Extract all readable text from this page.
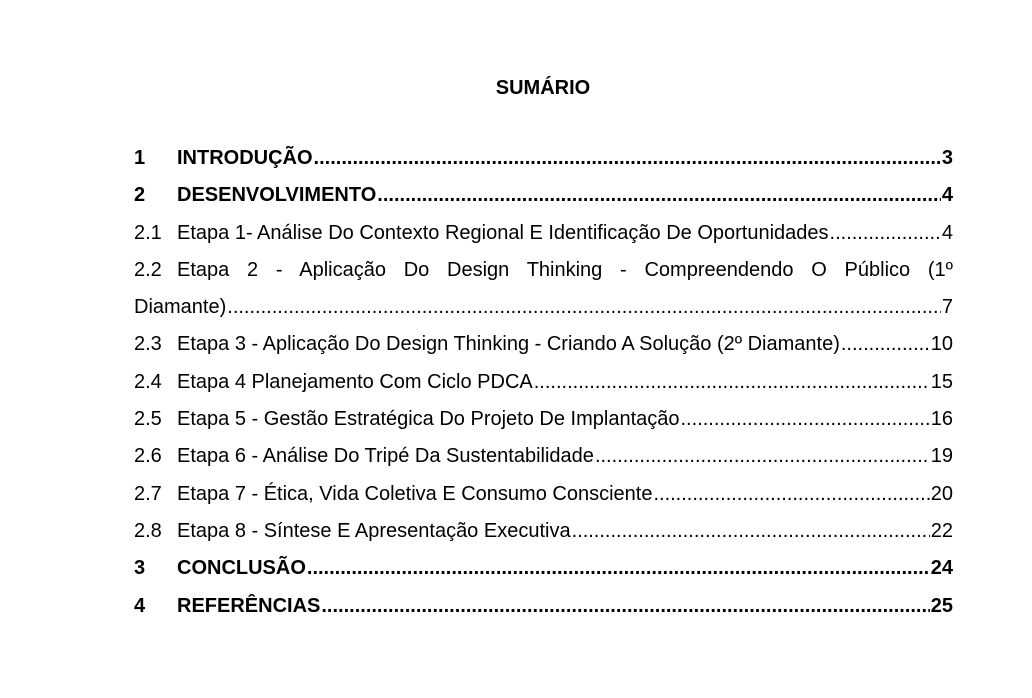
SUMÁRIO
1 INTRODUÇÃO .....	3
2 DESENVOLVIMENTO .....	4
2.1 Etapa 1- Análise Do Contexto Regional E Identificação De Oportunidades .....	4
2.2 Etapa 2 - Aplicação Do Design Thinking - Compreendendo O Público (1º
Diamante) .....	7
2.3 Etapa 3 - Aplicação Do Design Thinking - Criando A Solução (2º Diamante) .....	10
2.4 Etapa 4 Planejamento Com Ciclo PDCA .....	15
2.5 Etapa 5 - Gestão Estratégica Do Projeto De Implantação .....	16
2.6 Etapa 6 - Análise Do Tripé Da Sustentabilidade .....	19
2.7 Etapa 7 - Ética, Vida Coletiva E Consumo Consciente .....	20
2.8 Etapa 8 - Síntese E Apresentação Executiva .....	22
3 CONCLUSÃO .....	24
4 REFERÊNCIAS .....	25
